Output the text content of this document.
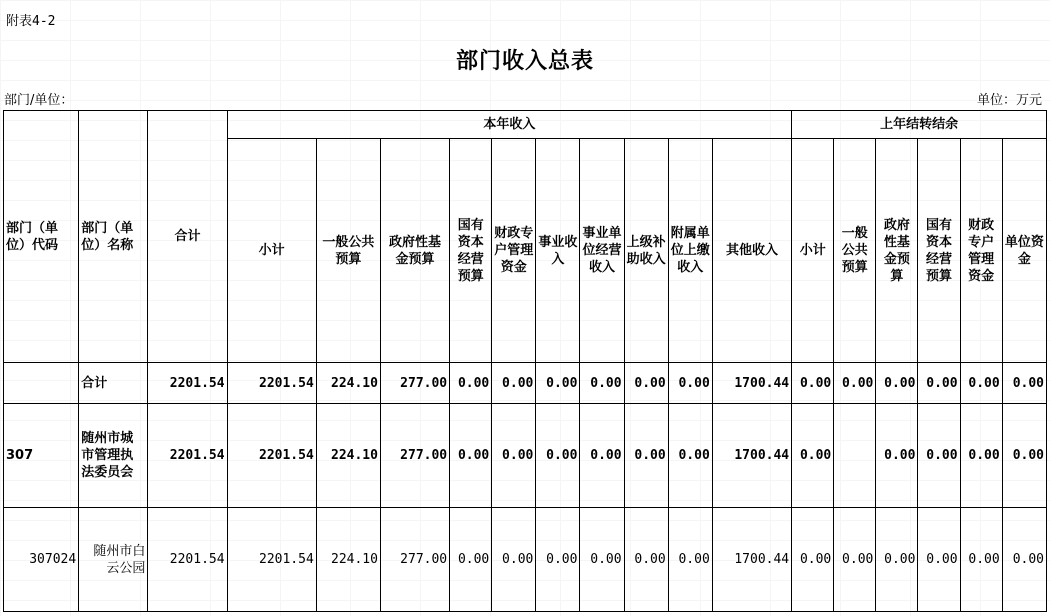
附表4-2
部门收入总表
部门/单位：	单位：万元
部门（单位）代码	部门（单位）名称	合计	本年收入										上年结转结余					
			小计	一般公共预算	政府性基金预算	国有资本经营预算	财政专户管理资金	事业收入	事业单位经营收入	上级补助收入	附属单位上缴收入	其他收入	小计	一般公共预算	政府性基金预算	国有资本经营预算	财政专户管理资金	单位资金
	合计	2201.54	2201.54	224.10	277.00	0.00	0.00	0.00	0.00	0.00	0.00	1700.44	0.00	0.00	0.00	0.00	0.00	0.00
307	随州市城市管理执法委员会	2201.54	2201.54	224.10	277.00	0.00	0.00	0.00	0.00	0.00	0.00	1700.44	0.00		0.00	0.00	0.00	0.00
307024	随州市白云公园	2201.54	2201.54	224.10	277.00	0.00	0.00	0.00	0.00	0.00	0.00	1700.44	0.00	0.00	0.00	0.00	0.00	0.00
